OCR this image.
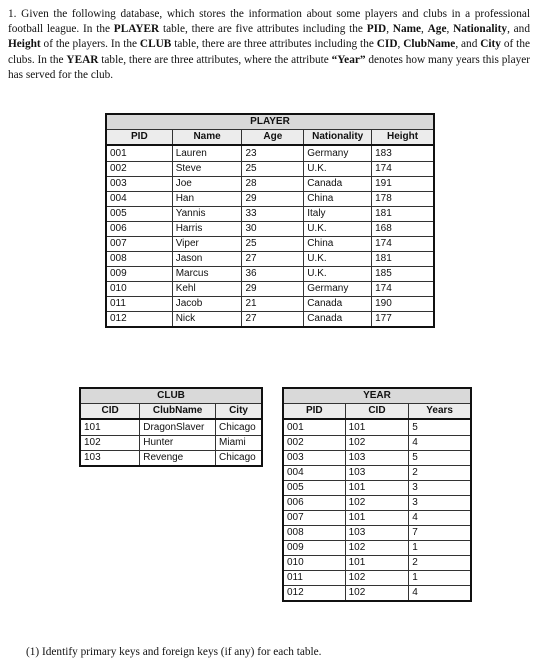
1. Given the following database, which stores the information about some players and clubs in a professional football league. In the PLAYER table, there are five attributes including the PID, Name, Age, Nationality, and Height of the players. In the CLUB table, there are three attributes including the CID, ClubName, and City of the clubs. In the YEAR table, there are three attributes, where the attribute “Year” denotes how many years this player has served for the club.
PLAYER				
PID	Name	Age	Nationality	Height
001	Lauren	23	Germany	183
002	Steve	25	U.K.	174
003	Joe	28	Canada	191
004	Han	29	China	178
005	Yannis	33	Italy	181
006	Harris	30	U.K.	168
007	Viper	25	China	174
008	Jason	27	U.K.	181
009	Marcus	36	U.K.	185
010	Kehl	29	Germany	174
011	Jacob	21	Canada	190
012	Nick	27	Canada	177
CLUB		
CID	ClubName	City
101	DragonSlaver	Chicago
102	Hunter	Miami
103	Revenge	Chicago
YEAR		
PID	CID	Years
001	101	5
002	102	4
003	103	5
004	103	2
005	101	3
006	102	3
007	101	4
008	103	7
009	102	1
010	101	2
011	102	1
012	102	4
(1) Identify primary keys and foreign keys (if any) for each table.
